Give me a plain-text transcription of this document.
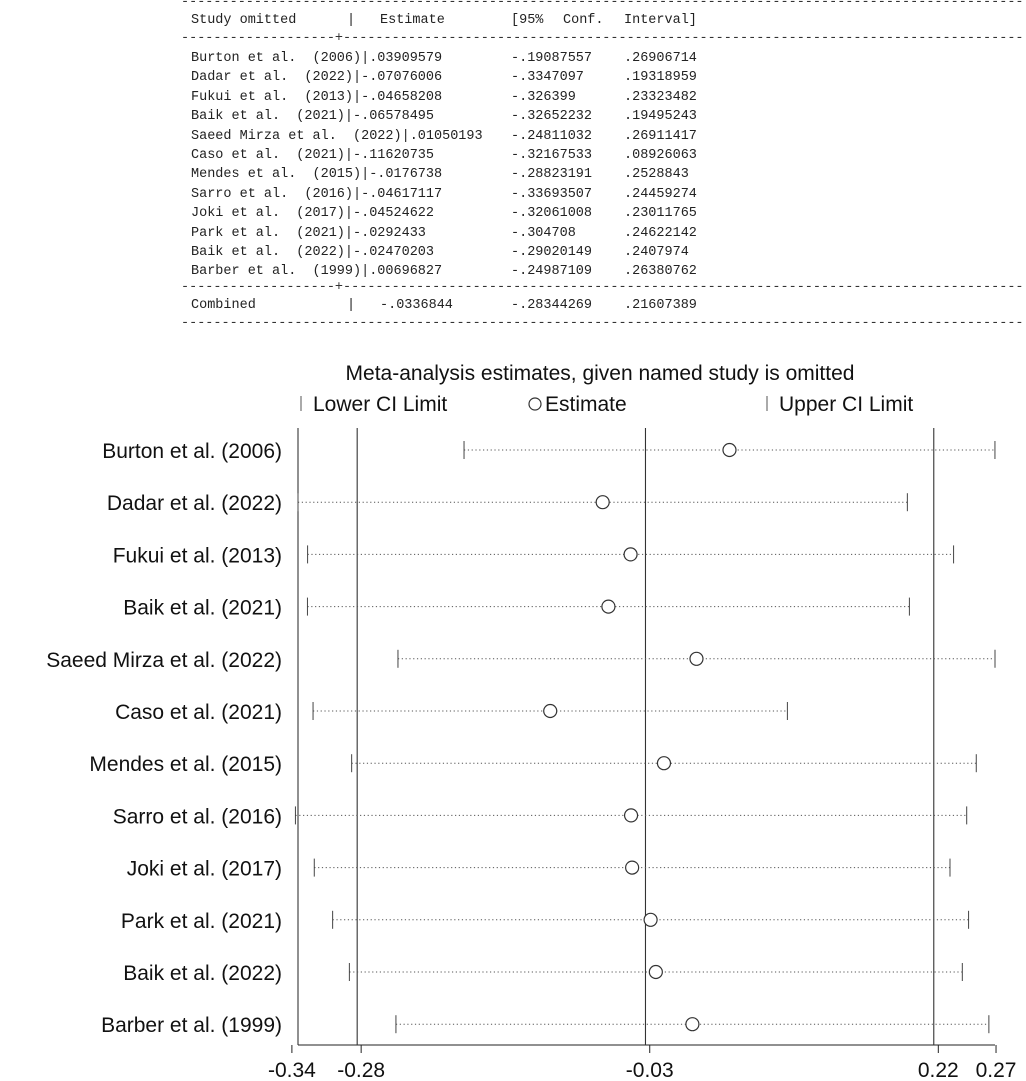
--------------------------------------------------------------------------------------------------------
Study omitted	| Estimate	[95% Conf. Interval]
-------------------+------------------------------------------------------------------------------------
Burton et al. (2006) | .03909579	-.19087557 .26906714
Dadar et al. (2022) | -.07076006	-.3347097	.19318959
Fukui et al. (2013) | -.04658208	-.326399	.23323482
Baik et al. (2021) | -.06578495	-.32652232 .19495243
Saeed Mirza et al. (2022) | .01050193 -.24811032 .26911417
Caso et al. (2021) | -.11620735	-.32167533 .08926063
Mendes et al. (2015) | -.0176738	-.28823191 .2528843
Sarro et al. (2016) | -.04617117	-.33693507 .24459274
Joki et al. (2017) | -.04524622	-.32061008 .23011765
Park et al. (2021) | -.0292433	-.304708	.24622142
Baik et al. (2022) | -.02470203	-.29020149 .2407974
Barber et al. (1999) | .00696827	-.24987109 .26380762
-------------------+------------------------------------------------------------------------------------
Combined	| -.0336844	-.28344269 .21607389
--------------------------------------------------------------------------------------------------------
Meta-analysis estimates, given named study is omitted
Lower CI Limit	Estimate	Upper CI Limit
Burton et al. (2006)
Dadar et al. (2022)
Fukui et al. (2013)
Baik et al. (2021)
Saeed Mirza et al. (2022)
Caso et al. (2021)
Mendes et al. (2015)
Sarro et al. (2016)
Joki et al. (2017)
Park et al. (2021)
Baik et al. (2022)
Barber et al. (1999)
-0.34 -0.28	-0.03	0.22 0.27
